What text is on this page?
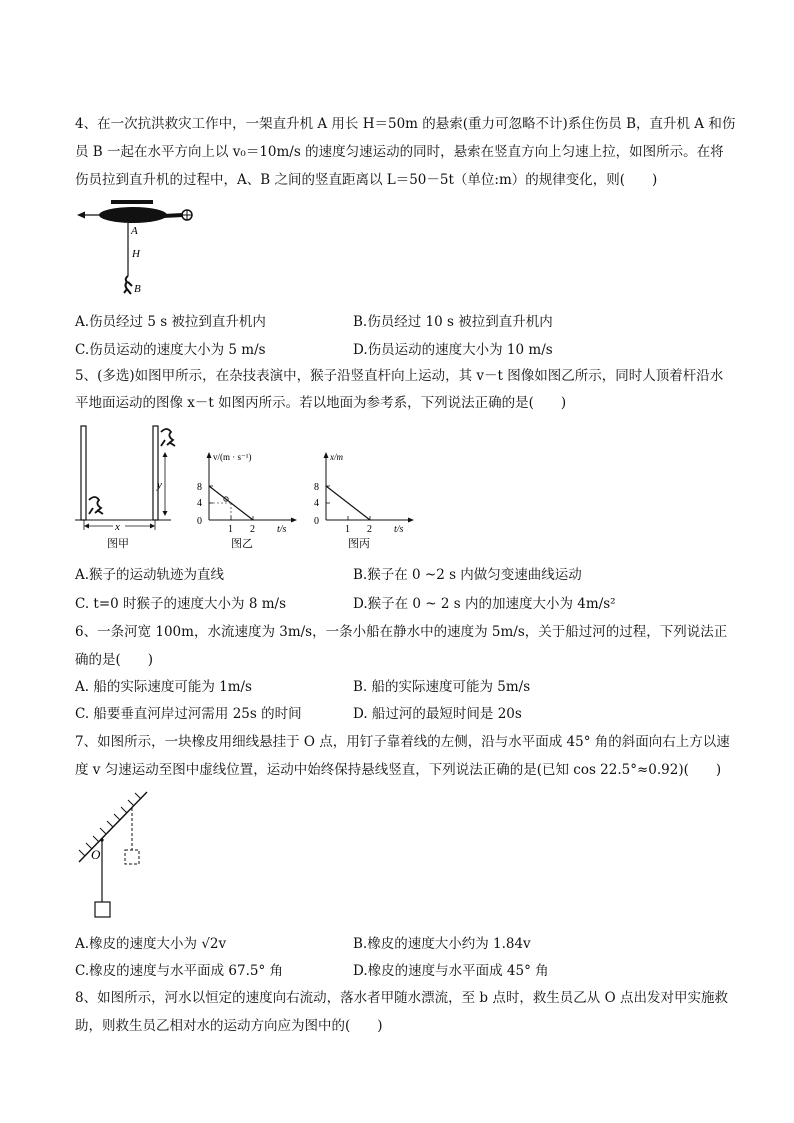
4、在一次抗洪救灾工作中，一架直升机 A 用长 H＝50m 的悬索(重力可忽略不计)系住伤员 B，直升机 A 和伤
员 B 一起在水平方向上以 v₀＝10m/s 的速度匀速运动的同时，悬索在竖直方向上匀速上拉，如图所示。在将
伤员拉到直升机的过程中，A、B 之间的竖直距离以 L＝50－5t（单位:m）的规律变化，则(　　)
A
H
B
A.伤员经过 5 s 被拉到直升机内	B.伤员经过 10 s 被拉到直升机内
C.伤员运动的速度大小为 5 m/s	D.伤员运动的速度大小为 10 m/s
5、(多选)如图甲所示，在杂技表演中，猴子沿竖直杆向上运动，其 v－t 图像如图乙所示，同时人顶着杆沿水
平地面运动的图像 x－t 如图丙所示。若以地面为参考系，下列说法正确的是(　　)
x
y
图甲
v/(m · s⁻¹)
8
4
0
1 2 t/s
图乙
x/m
8
4
0
1 2 t/s
图丙
A.猴子的运动轨迹为直线	B.猴子在 0 ~2 s 内做匀变速曲线运动
C. t=0 时猴子的速度大小为 8 m/s	D.猴子在 0 ~ 2 s 内的加速度大小为 4m/s²
6、一条河宽 100m，水流速度为 3m/s，一条小船在静水中的速度为 5m/s，关于船过河的过程，下列说法正
确的是(　　)
A. 船的实际速度可能为 1m/s	B. 船的实际速度可能为 5m/s
C. 船要垂直河岸过河需用 25s 的时间	D. 船过河的最短时间是 20s
7、如图所示，一块橡皮用细线悬挂于 O 点，用钉子靠着线的左侧，沿与水平面成 45° 角的斜面向右上方以速
度 v 匀速运动至图中虚线位置，运动中始终保持悬线竖直，下列说法正确的是(已知 cos 22.5°≈0.92)(　　)
O
A.橡皮的速度大小为 √2v	B.橡皮的速度大小约为 1.84v
C.橡皮的速度与水平面成 67.5° 角	D.橡皮的速度与水平面成 45° 角
8、如图所示，河水以恒定的速度向右流动，落水者甲随水漂流，至 b 点时，救生员乙从 O 点出发对甲实施救
助，则救生员乙相对水的运动方向应为图中的(　　)
